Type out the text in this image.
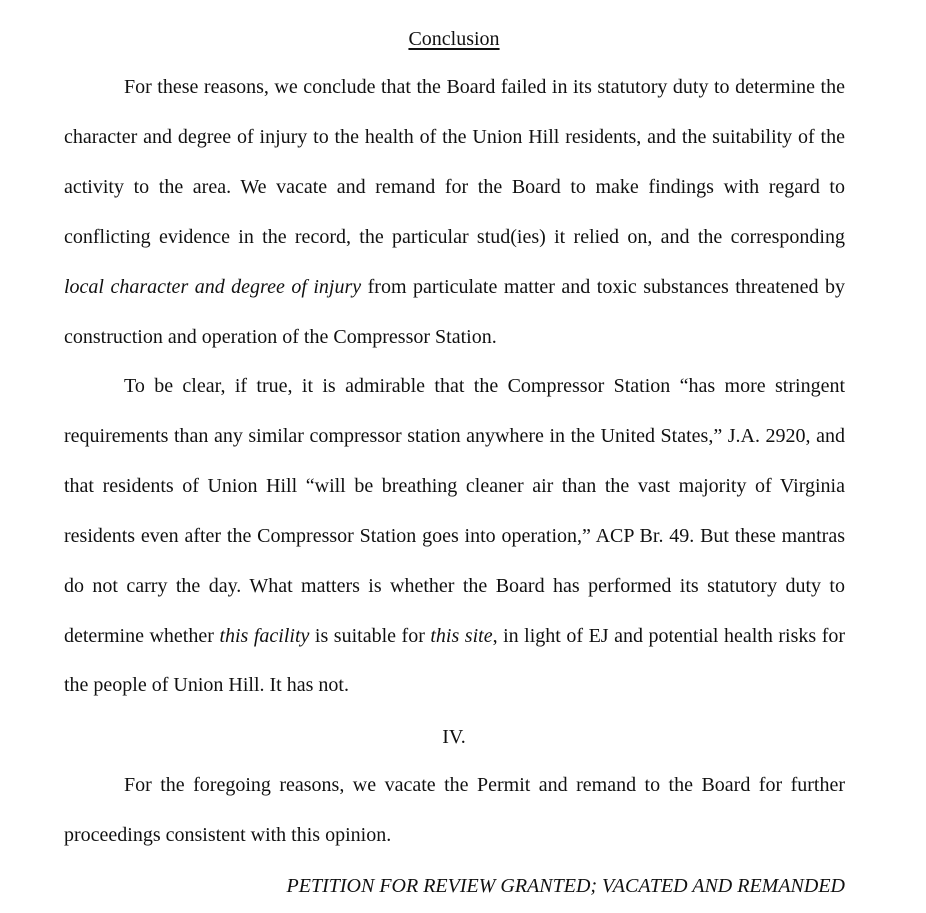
Conclusion

For these reasons, we conclude that the Board failed in its statutory duty to determine the character and degree of injury to the health of the Union Hill residents, and the suitability of the activity to the area. We vacate and remand for the Board to make findings with regard to conflicting evidence in the record, the particular stud(ies) it relied on, and the corresponding local character and degree of injury from particulate matter and toxic substances threatened by construction and operation of the Compressor Station.

To be clear, if true, it is admirable that the Compressor Station “has more stringent requirements than any similar compressor station anywhere in the United States,” J.A. 2920, and that residents of Union Hill “will be breathing cleaner air than the vast majority of Virginia residents even after the Compressor Station goes into operation,” ACP Br. 49. But these mantras do not carry the day. What matters is whether the Board has performed its statutory duty to determine whether this facility is suitable for this site, in light of EJ and potential health risks for the people of Union Hill. It has not.

IV.

For the foregoing reasons, we vacate the Permit and remand to the Board for further proceedings consistent with this opinion.

PETITION FOR REVIEW GRANTED; VACATED AND REMANDED
